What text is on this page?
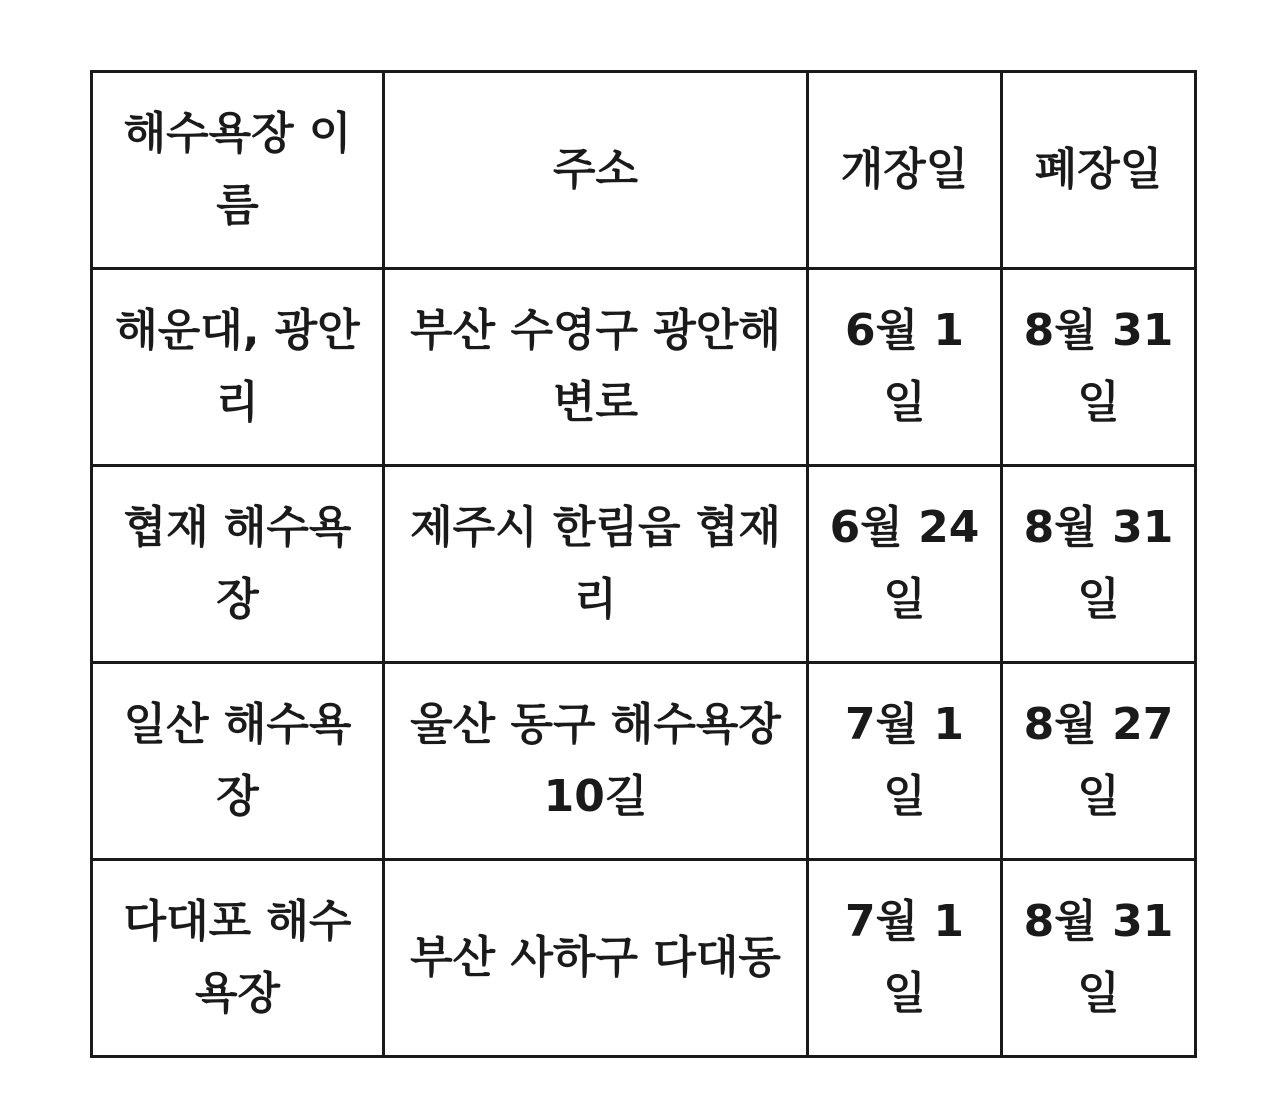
해수욕장 이름	주소	개장일	폐장일
해운대, 광안리	부산 수영구 광안해변로	6월 1일	8월 31일
협재 해수욕장	제주시 한림읍 협재리	6월 24일	8월 31일
일산 해수욕장	울산 동구 해수욕장 10길	7월 1일	8월 27일
다대포 해수욕장	부산 사하구 다대동	7월 1일	8월 31일
